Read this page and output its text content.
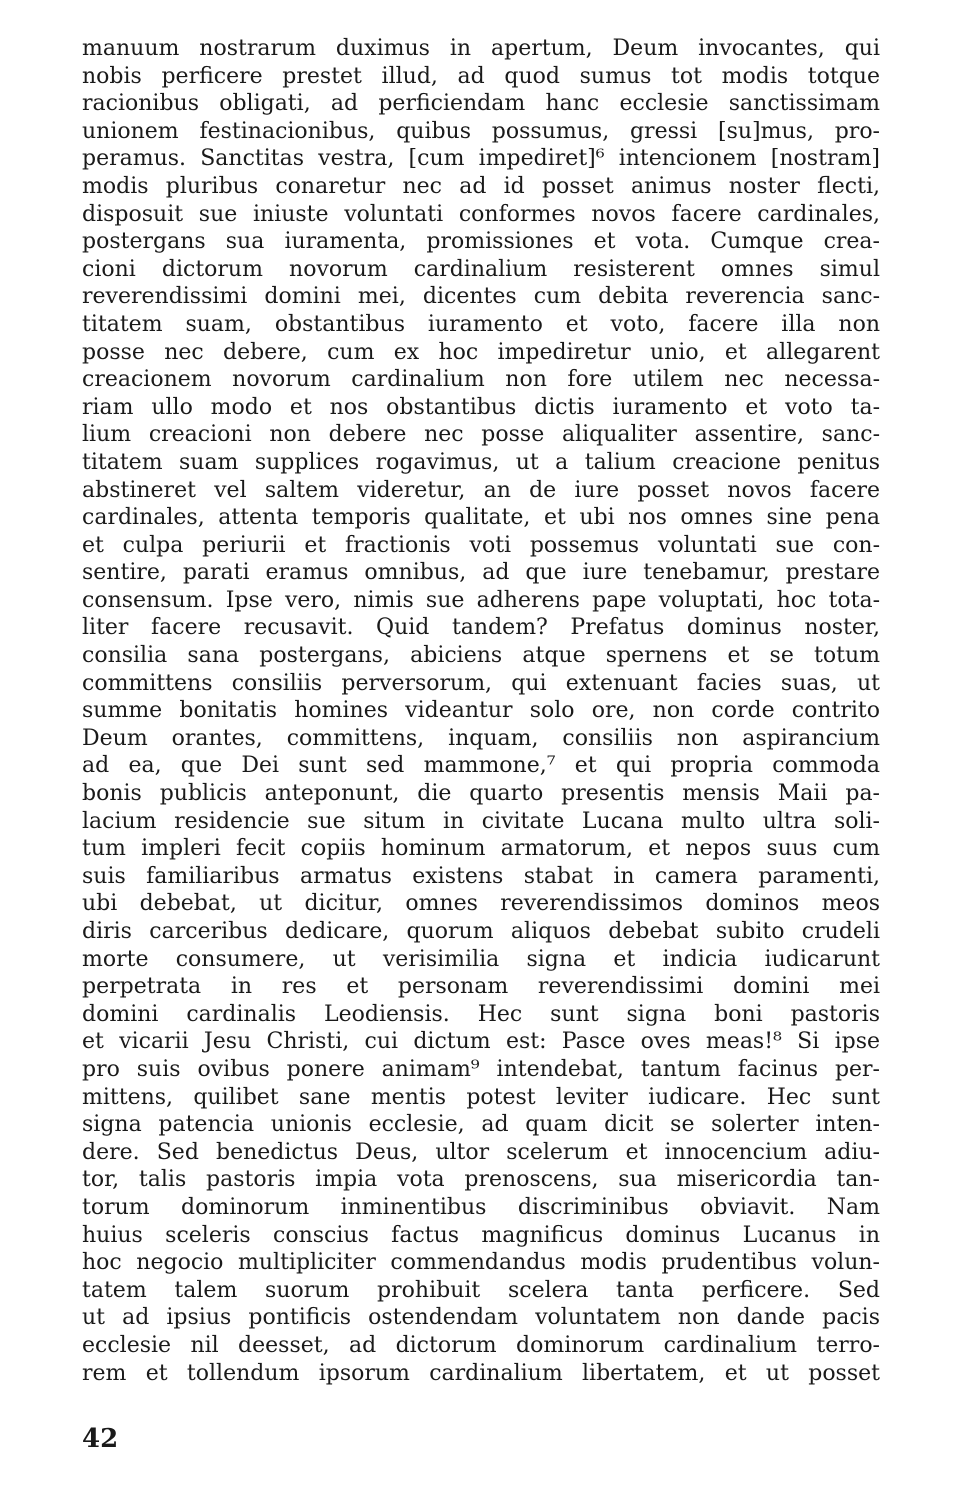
manuum nostrarum duximus in apertum, Deum invocantes, qui
nobis perficere prestet illud, ad quod sumus tot modis totque
racionibus obligati, ad perficiendam hanc ecclesie sanctissimam
unionem festinacionibus, quibus possumus, gressi [su]mus, pro-
peramus. Sanctitas vestra, [cum impediret]⁶ intencionem [nostram]
modis pluribus conaretur nec ad id posset animus noster flecti,
disposuit sue iniuste voluntati conformes novos facere cardinales,
postergans sua iuramenta, promissiones et vota. Cumque crea-
cioni dictorum novorum cardinalium resisterent omnes simul
reverendissimi domini mei, dicentes cum debita reverencia sanc-
titatem suam, obstantibus iuramento et voto, facere illa non
posse nec debere, cum ex hoc impediretur unio, et allegarent
creacionem novorum cardinalium non fore utilem nec necessa-
riam ullo modo et nos obstantibus dictis iuramento et voto ta-
lium creacioni non debere nec posse aliqualiter assentire, sanc-
titatem suam supplices rogavimus, ut a talium creacione penitus
abstineret vel saltem videretur, an de iure posset novos facere
cardinales, attenta temporis qualitate, et ubi nos omnes sine pena
et culpa periurii et fractionis voti possemus voluntati sue con-
sentire, parati eramus omnibus, ad que iure tenebamur, prestare
consensum. Ipse vero, nimis sue adherens pape voluptati, hoc tota-
liter facere recusavit. Quid tandem? Prefatus dominus noster,
consilia sana postergans, abiciens atque spernens et se totum
committens consiliis perversorum, qui extenuant facies suas, ut
summe bonitatis homines videantur solo ore, non corde contrito
Deum orantes, committens, inquam, consiliis non aspirancium
ad ea, que Dei sunt sed mammone,⁷ et qui propria commoda
bonis publicis anteponunt, die quarto presentis mensis Maii pa-
lacium residencie sue situm in civitate Lucana multo ultra soli-
tum impleri fecit copiis hominum armatorum, et nepos suus cum
suis familiaribus armatus existens stabat in camera paramenti,
ubi debebat, ut dicitur, omnes reverendissimos dominos meos
diris carceribus dedicare, quorum aliquos debebat subito crudeli
morte consumere, ut verisimilia signa et indicia iudicarunt
perpetrata in res et personam reverendissimi domini mei
domini cardinalis Leodiensis. Hec sunt signa boni pastoris
et vicarii Jesu Christi, cui dictum est: Pasce oves meas!⁸ Si ipse
pro suis ovibus ponere animam⁹ intendebat, tantum facinus per-
mittens, quilibet sane mentis potest leviter iudicare. Hec sunt
signa patencia unionis ecclesie, ad quam dicit se solerter inten-
dere. Sed benedictus Deus, ultor scelerum et innocencium adiu-
tor, talis pastoris impia vota prenoscens, sua misericordia tan-
torum dominorum inminentibus discriminibus obviavit. Nam
huius sceleris conscius factus magnificus dominus Lucanus in
hoc negocio multipliciter commendandus modis prudentibus volun-
tatem talem suorum prohibuit scelera tanta perficere. Sed
ut ad ipsius pontificis ostendendam voluntatem non dande pacis
ecclesie nil deesset, ad dictorum dominorum cardinalium terro-
rem et tollendum ipsorum cardinalium libertatem, et ut posset
42
